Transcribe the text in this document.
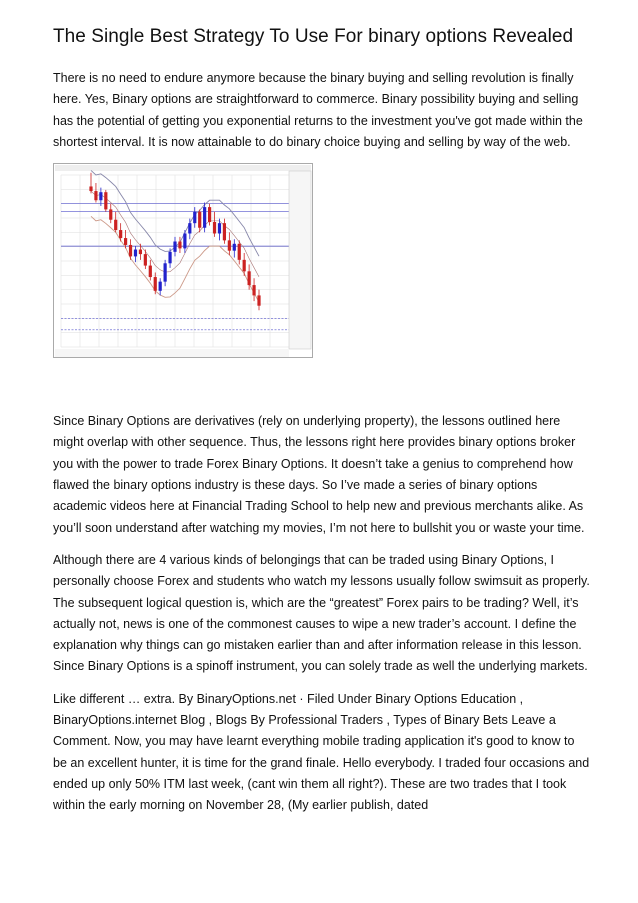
The Single Best Strategy To Use For binary options Revealed

There is no need to endure anymore because the binary buying and selling revolution is finally here. Yes, Binary options are straightforward to commerce. Binary possibility buying and selling has the potential of getting you exponential returns to the investment you've got made within the shortest interval. It is now attainable to do binary choice buying and selling by way of the web.

Since Binary Options are derivatives (rely on underlying property), the lessons outlined here might overlap with other sequence. Thus, the lessons right here provides binary options broker you with the power to trade Forex Binary Options. It doesn’t take a genius to comprehend how flawed the binary options industry is these days. So I’ve made a series of binary options academic videos here at Financial Trading School to help new and previous merchants alike. As you’ll soon understand after watching my movies, I’m not here to bullshit you or waste your time.

Although there are 4 various kinds of belongings that can be traded using Binary Options, I personally choose Forex and students who watch my lessons usually follow swimsuit as properly. The subsequent logical question is, which are the “greatest” Forex pairs to be trading? Well, it’s actually not, news is one of the commonest causes to wipe a new trader’s account. I define the explanation why things can go mistaken earlier than and after information release in this lesson. Since Binary Options is a spinoff instrument, you can solely trade as well the underlying markets.

Like different … extra. By BinaryOptions.net · Filed Under Binary Options Education , BinaryOptions.internet Blog , Blogs By Professional Traders , Types of Binary Bets Leave a Comment. Now, you may have learnt everything mobile trading application it's good to know to be an excellent hunter, it is time for the grand finale. Hello everybody. I traded four occasions and ended up only 50% ITM last week, (cant win them all right?). These are two trades that I took within the early morning on November 28, (My earlier publish, dated
